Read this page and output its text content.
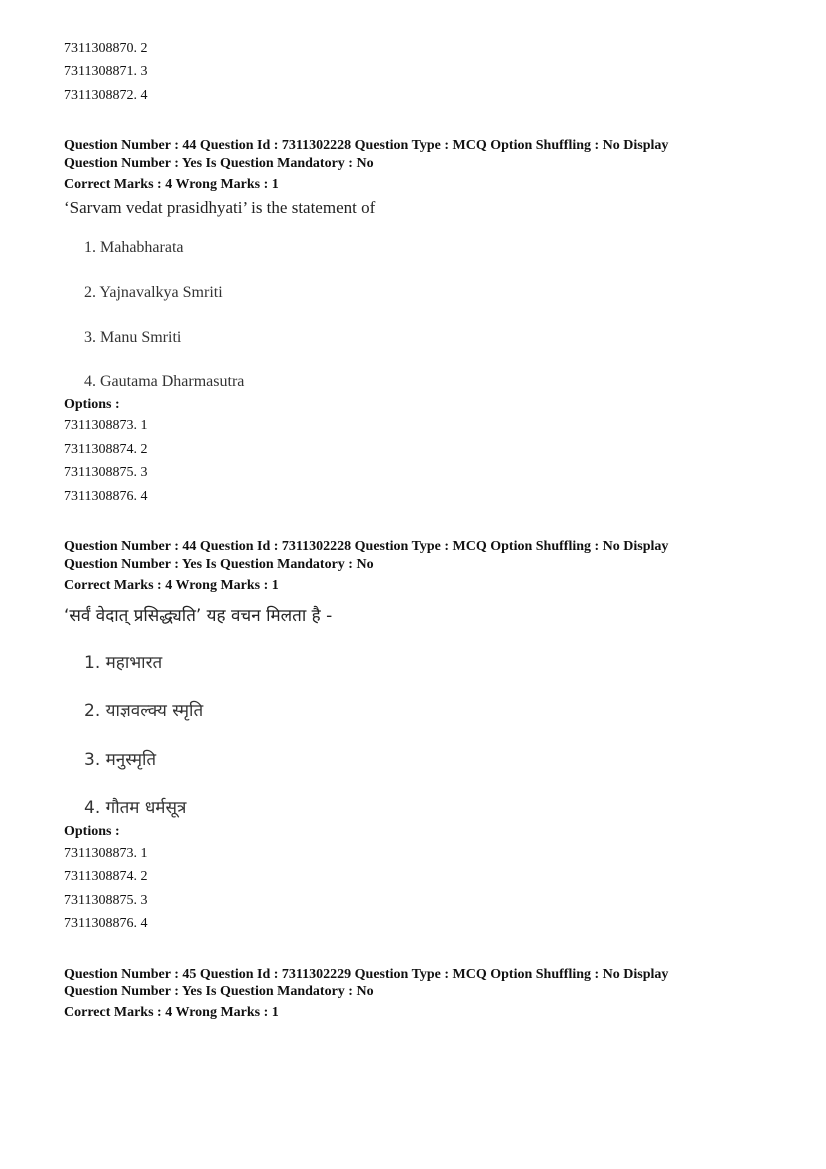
7311308870. 2
7311308871. 3
7311308872. 4
Question Number : 44 Question Id : 7311302228 Question Type : MCQ Option Shuffling : No Display
Question Number : Yes Is Question Mandatory : No
Correct Marks : 4 Wrong Marks : 1
‘Sarvam vedat prasidhyati’ is the statement of
1. Mahabharata
2. Yajnavalkya Smriti
3. Manu Smriti
4. Gautama Dharmasutra
Options :
7311308873. 1
7311308874. 2
7311308875. 3
7311308876. 4
Question Number : 44 Question Id : 7311302228 Question Type : MCQ Option Shuffling : No Display
Question Number : Yes Is Question Mandatory : No
Correct Marks : 4 Wrong Marks : 1
‘सर्वं वेदात् प्रसिद्ध्यति’ यह वचन मिलता है -
1. महाभारत
2. याज्ञवल्क्य स्मृति
3. मनुस्मृति
4. गौतम धर्मसूत्र
Options :
7311308873. 1
7311308874. 2
7311308875. 3
7311308876. 4
Question Number : 45 Question Id : 7311302229 Question Type : MCQ Option Shuffling : No Display
Question Number : Yes Is Question Mandatory : No
Correct Marks : 4 Wrong Marks : 1
